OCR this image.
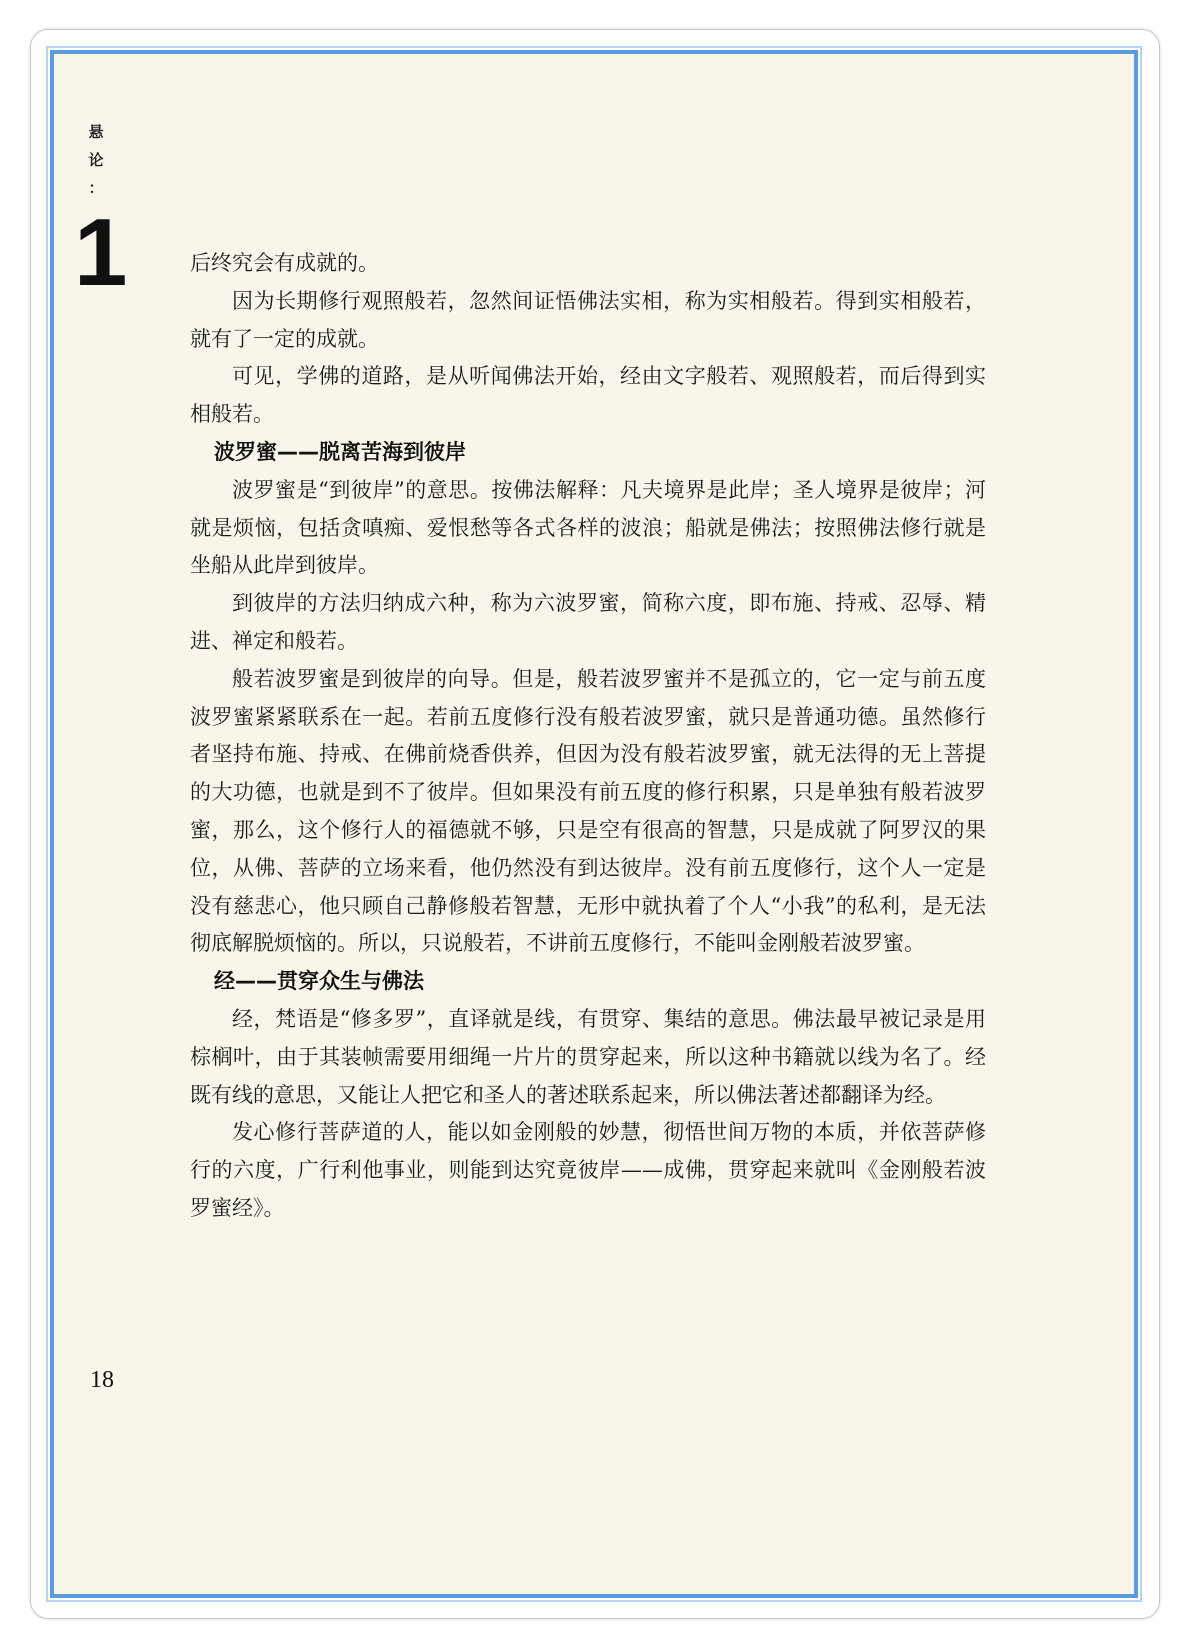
悬
论
：
1	后终究会有成就的。

因为长期修行观照般若，忽然间证悟佛法实相，称为实相般若。得到实相般若，就有了一定的成就。

可见，学佛的道路，是从听闻佛法开始，经由文字般若、观照般若，而后得到实相般若。

波罗蜜——脱离苦海到彼岸

波罗蜜是“到彼岸”的意思。按佛法解释：凡夫境界是此岸；圣人境界是彼岸；河就是烦恼，包括贪嗔痴、爱恨愁等各式各样的波浪；船就是佛法；按照佛法修行就是坐船从此岸到彼岸。

到彼岸的方法归纳成六种，称为六波罗蜜，简称六度，即布施、持戒、忍辱、精进、禅定和般若。

般若波罗蜜是到彼岸的向导。但是，般若波罗蜜并不是孤立的，它一定与前五度波罗蜜紧紧联系在一起。若前五度修行没有般若波罗蜜，就只是普通功德。虽然修行者坚持布施、持戒、在佛前烧香供养，但因为没有般若波罗蜜，就无法得的无上菩提的大功德，也就是到不了彼岸。但如果没有前五度的修行积累，只是单独有般若波罗蜜，那么，这个修行人的福德就不够，只是空有很高的智慧，只是成就了阿罗汉的果位，从佛、菩萨的立场来看，他仍然没有到达彼岸。没有前五度修行，这个人一定是没有慈悲心，他只顾自己静修般若智慧，无形中就执着了个人“小我”的私利，是无法彻底解脱烦恼的。所以，只说般若，不讲前五度修行，不能叫金刚般若波罗蜜。

经——贯穿众生与佛法

经，梵语是“修多罗”，直译就是线，有贯穿、集结的意思。佛法最早被记录是用棕榈叶，由于其装帧需要用细绳一片片的贯穿起来，所以这种书籍就以线为名了。经既有线的意思，又能让人把它和圣人的著述联系起来，所以佛法著述都翻译为经。

发心修行菩萨道的人，能以如金刚般的妙慧，彻悟世间万物的本质，并依菩萨修行的六度，广行利他事业，则能到达究竟彼岸——成佛，贯穿起来就叫《金刚般若波罗蜜经》。

18
